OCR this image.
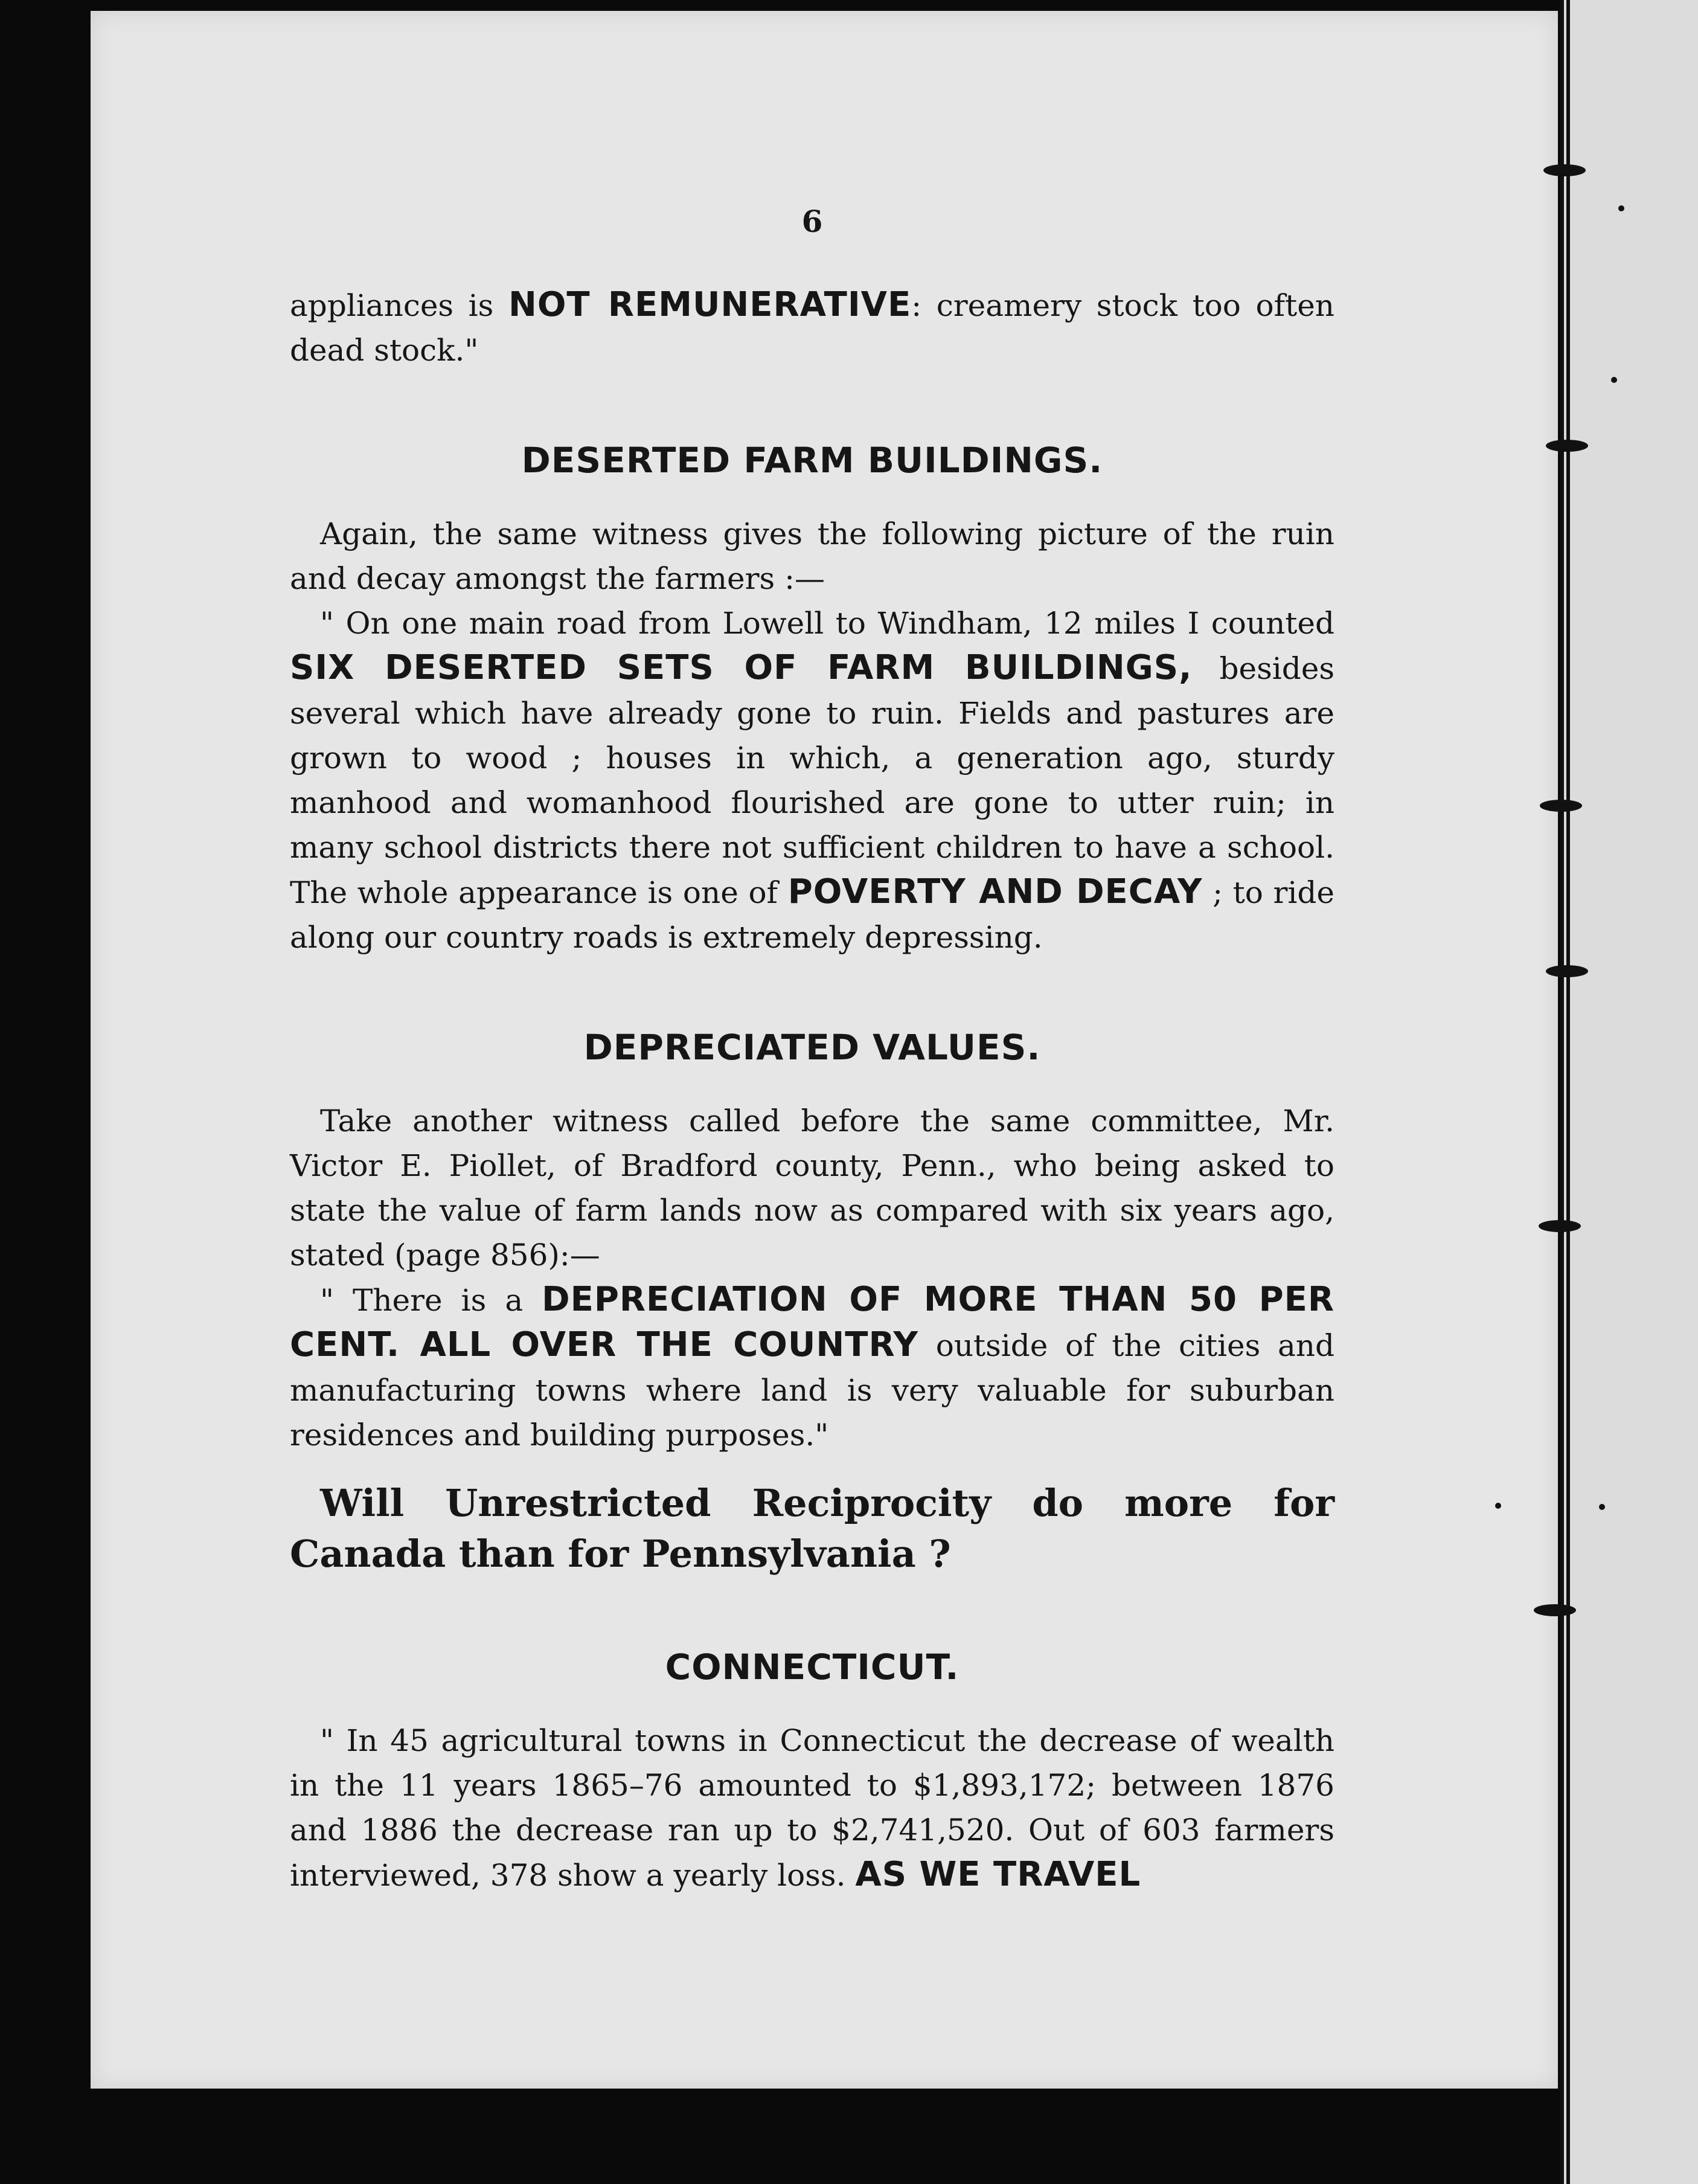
6

appliances is NOT REMUNERATIVE: creamery stock too often dead stock."

DESERTED FARM BUILDINGS.

Again, the same witness gives the following picture of the ruin and decay amongst the farmers :—

" On one main road from Lowell to Windham, 12 miles I counted SIX DESERTED SETS OF FARM BUILDINGS, besides several which have already gone to ruin. Fields and pastures are grown to wood ; houses in which, a generation ago, sturdy manhood and womanhood flourished are gone to utter ruin; in many school districts there not sufficient children to have a school. The whole appearance is one of POVERTY AND DECAY ; to ride along our country roads is extremely depressing.

DEPRECIATED VALUES.

Take another witness called before the same committee, Mr. Victor E. Piollet, of Bradford county, Penn., who being asked to state the value of farm lands now as compared with six years ago, stated (page 856):—

" There is a DEPRECIATION OF MORE THAN 50 PER CENT. ALL OVER THE COUNTRY outside of the cities and manufacturing towns where land is very valuable for suburban residences and building purposes."

Will Unrestricted Reciprocity do more for Canada than for Pennsylvania ?

CONNECTICUT.

" In 45 agricultural towns in Connecticut the decrease of wealth in the 11 years 1865–76 amounted to $1,893,172; between 1876 and 1886 the decrease ran up to $2,741,520. Out of 603 farmers interviewed, 378 show a yearly loss. AS WE TRAVEL
